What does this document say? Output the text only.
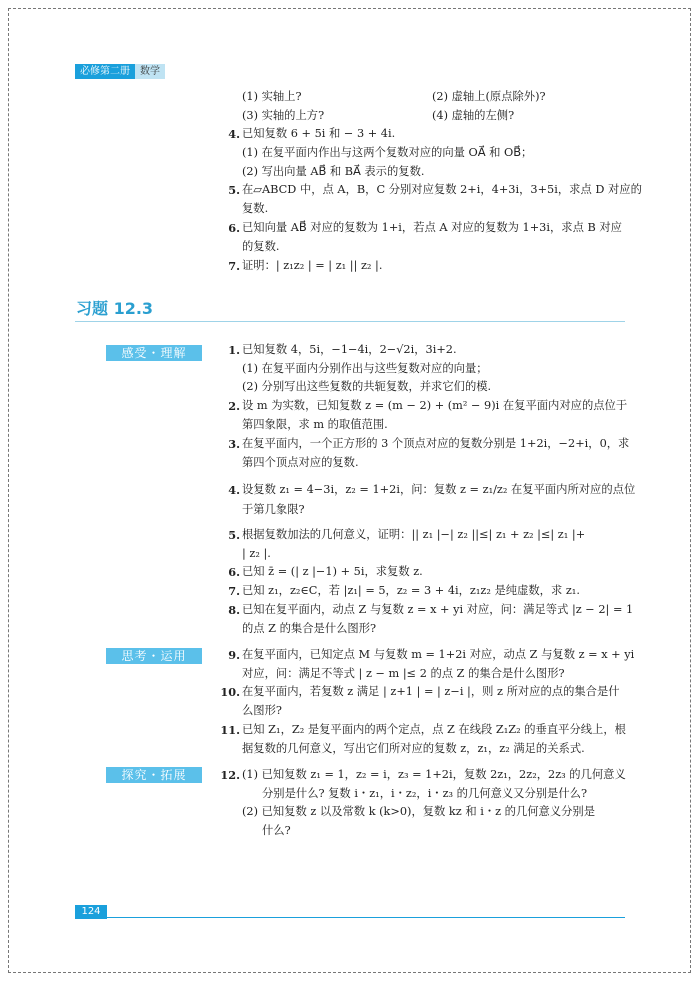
必修第二册	数学
(1) 实轴上?	(2) 虚轴上(原点除外)?
(3) 实轴的上方?	(4) 虚轴的左侧?
4. 已知复数 6 + 5i 和 − 3 + 4i.
(1) 在复平面内作出与这两个复数对应的向量 OA⃗ 和 OB⃗；
(2) 写出向量 AB⃗ 和 BA⃗ 表示的复数.
5. 在▱ABCD 中，点 A，B，C 分别对应复数 2+i，4+3i，3+5i，求点 D 对应的
复数.
6. 已知向量 AB⃗ 对应的复数为 1+i，若点 A 对应的复数为 1+3i，求点 B 对应
的复数.
7. 证明：| z₁z₂ | = | z₁ || z₂ |.
习题 12.3
感受・理解
思考・运用
探究・拓展
1. 已知复数 4，5i，−1−4i，2−√2i，3i+2.
(1) 在复平面内分别作出与这些复数对应的向量；
(2) 分别写出这些复数的共轭复数，并求它们的模.
2. 设 m 为实数，已知复数 z = (m − 2) + (m² − 9)i 在复平面内对应的点位于
第四象限，求 m 的取值范围.
3. 在复平面内，一个正方形的 3 个顶点对应的复数分别是 1+2i，−2+i，0，求
第四个顶点对应的复数.
4. 设复数 z₁ = 4−3i，z₂ = 1+2i，问：复数 z = z₁/z₂ 在复平面内所对应的点位
于第几象限?
5. 根据复数加法的几何意义，证明：|| z₁ |−| z₂ ||≤| z₁ + z₂ |≤| z₁ |+
| z₂ |.
6. 已知 z̄ = (| z |−1) + 5i，求复数 z.
7. 已知 z₁，z₂∈C，若 |z₁| = 5，z₂ = 3 + 4i，z₁z₂ 是纯虚数，求 z₁.
8. 已知在复平面内，动点 Z 与复数 z = x + yi 对应，问：满足等式 |z − 2| = 1
的点 Z 的集合是什么图形?
9. 在复平面内，已知定点 M 与复数 m = 1+2i 对应，动点 Z 与复数 z = x + yi
对应，问：满足不等式 | z − m |≤ 2 的点 Z 的集合是什么图形?
10. 在复平面内，若复数 z 满足 | z+1 | = | z−i |，则 z 所对应的点的集合是什
么图形?
11. 已知 Z₁，Z₂ 是复平面内的两个定点，点 Z 在线段 Z₁Z₂ 的垂直平分线上，根
据复数的几何意义，写出它们所对应的复数 z，z₁，z₂ 满足的关系式.
12. (1) 已知复数 z₁ = 1，z₂ = i，z₃ = 1+2i，复数 2z₁，2z₂，2z₃ 的几何意义
分别是什么? 复数 i・z₁，i・z₂，i・z₃ 的几何意义又分别是什么?
(2) 已知复数 z 以及常数 k (k>0)，复数 kz 和 i・z 的几何意义分别是
什么?
124
